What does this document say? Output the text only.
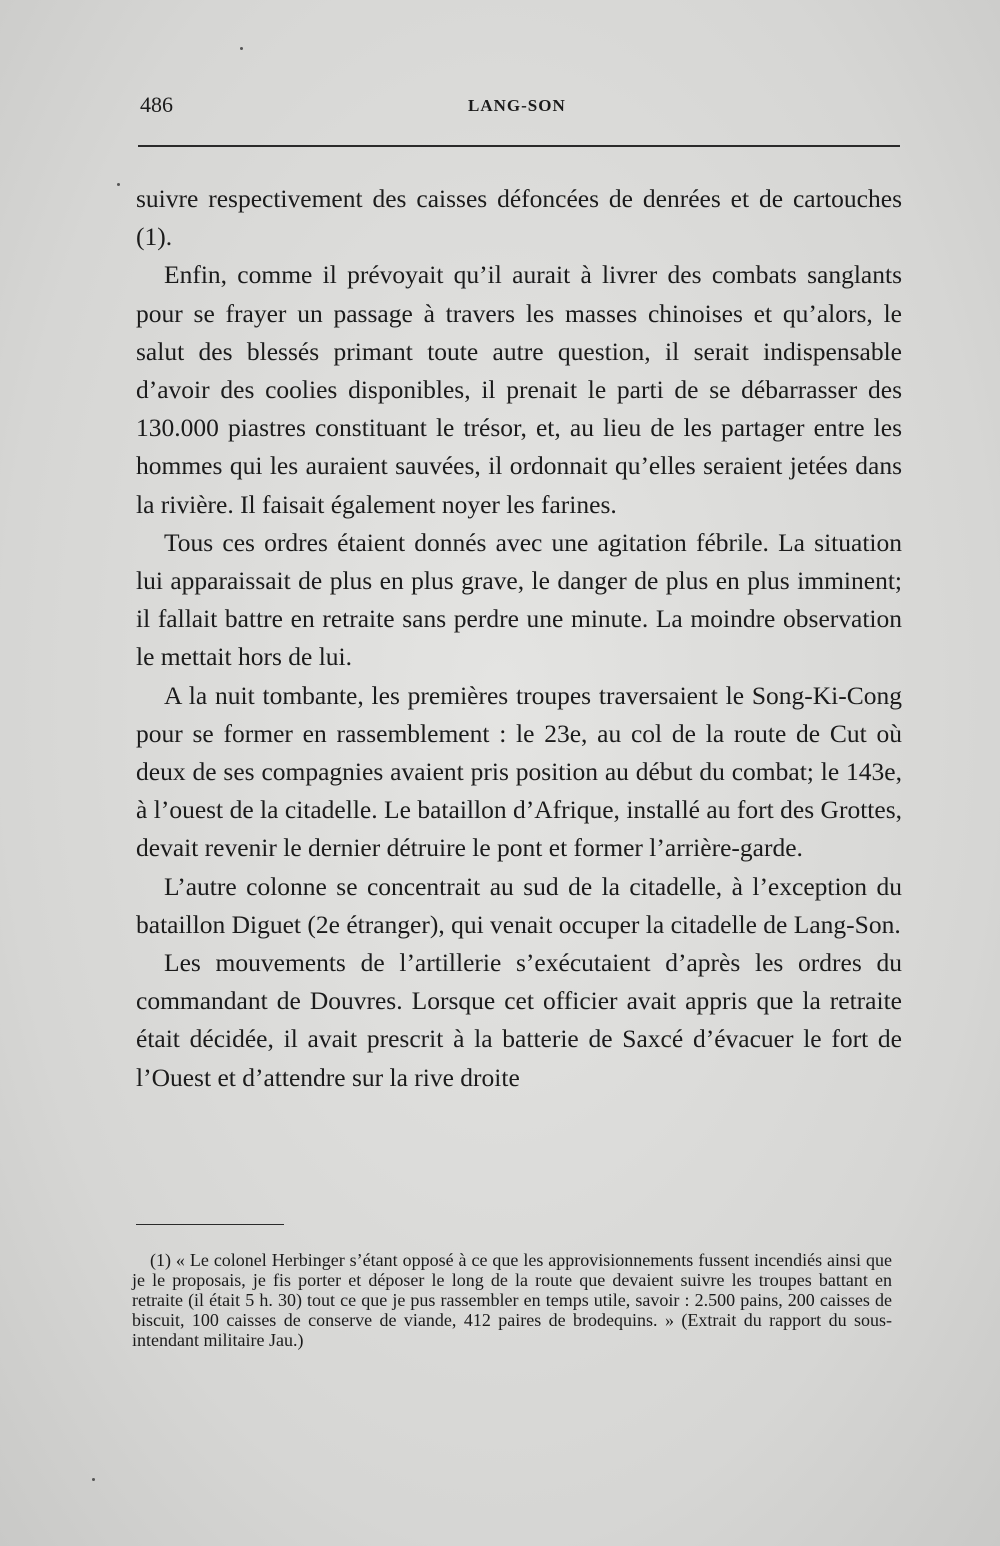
486	LANG-SON

suivre respectivement des caisses défoncées de denrées et de cartouches (1).

Enfin, comme il prévoyait qu’il aurait à livrer des combats sanglants pour se frayer un passage à travers les masses chinoises et qu’alors, le salut des blessés primant toute autre question, il serait indispensable d’avoir des coolies disponibles, il prenait le parti de se débarrasser des 130.000 piastres constituant le trésor, et, au lieu de les partager entre les hommes qui les auraient sauvées, il ordonnait qu’elles seraient jetées dans la rivière. Il faisait également noyer les farines.

Tous ces ordres étaient donnés avec une agitation fébrile. La situation lui apparaissait de plus en plus grave, le danger de plus en plus imminent; il fallait battre en retraite sans perdre une minute. La moindre observation le mettait hors de lui.

A la nuit tombante, les premières troupes traversaient le Song-Ki-Cong pour se former en rassemblement : le 23e, au col de la route de Cut où deux de ses compagnies avaient pris position au début du combat; le 143e, à l’ouest de la citadelle. Le bataillon d’Afrique, installé au fort des Grottes, devait revenir le dernier détruire le pont et former l’arrière-garde.

L’autre colonne se concentrait au sud de la citadelle, à l’exception du bataillon Diguet (2e étranger), qui venait occuper la citadelle de Lang-Son.

Les mouvements de l’artillerie s’exécutaient d’après les ordres du commandant de Douvres. Lorsque cet officier avait appris que la retraite était décidée, il avait prescrit à la batterie de Saxcé d’évacuer le fort de l’Ouest et d’attendre sur la rive droite

(1) « Le colonel Herbinger s’étant opposé à ce que les approvisionnements fussent incendiés ainsi que je le proposais, je fis porter et déposer le long de la route que devaient suivre les troupes battant en retraite (il était 5 h. 30) tout ce que je pus rassembler en temps utile, savoir : 2.500 pains, 200 caisses de biscuit, 100 caisses de conserve de viande, 412 paires de brodequins. » (Extrait du rapport du sous-intendant militaire Jau.)
